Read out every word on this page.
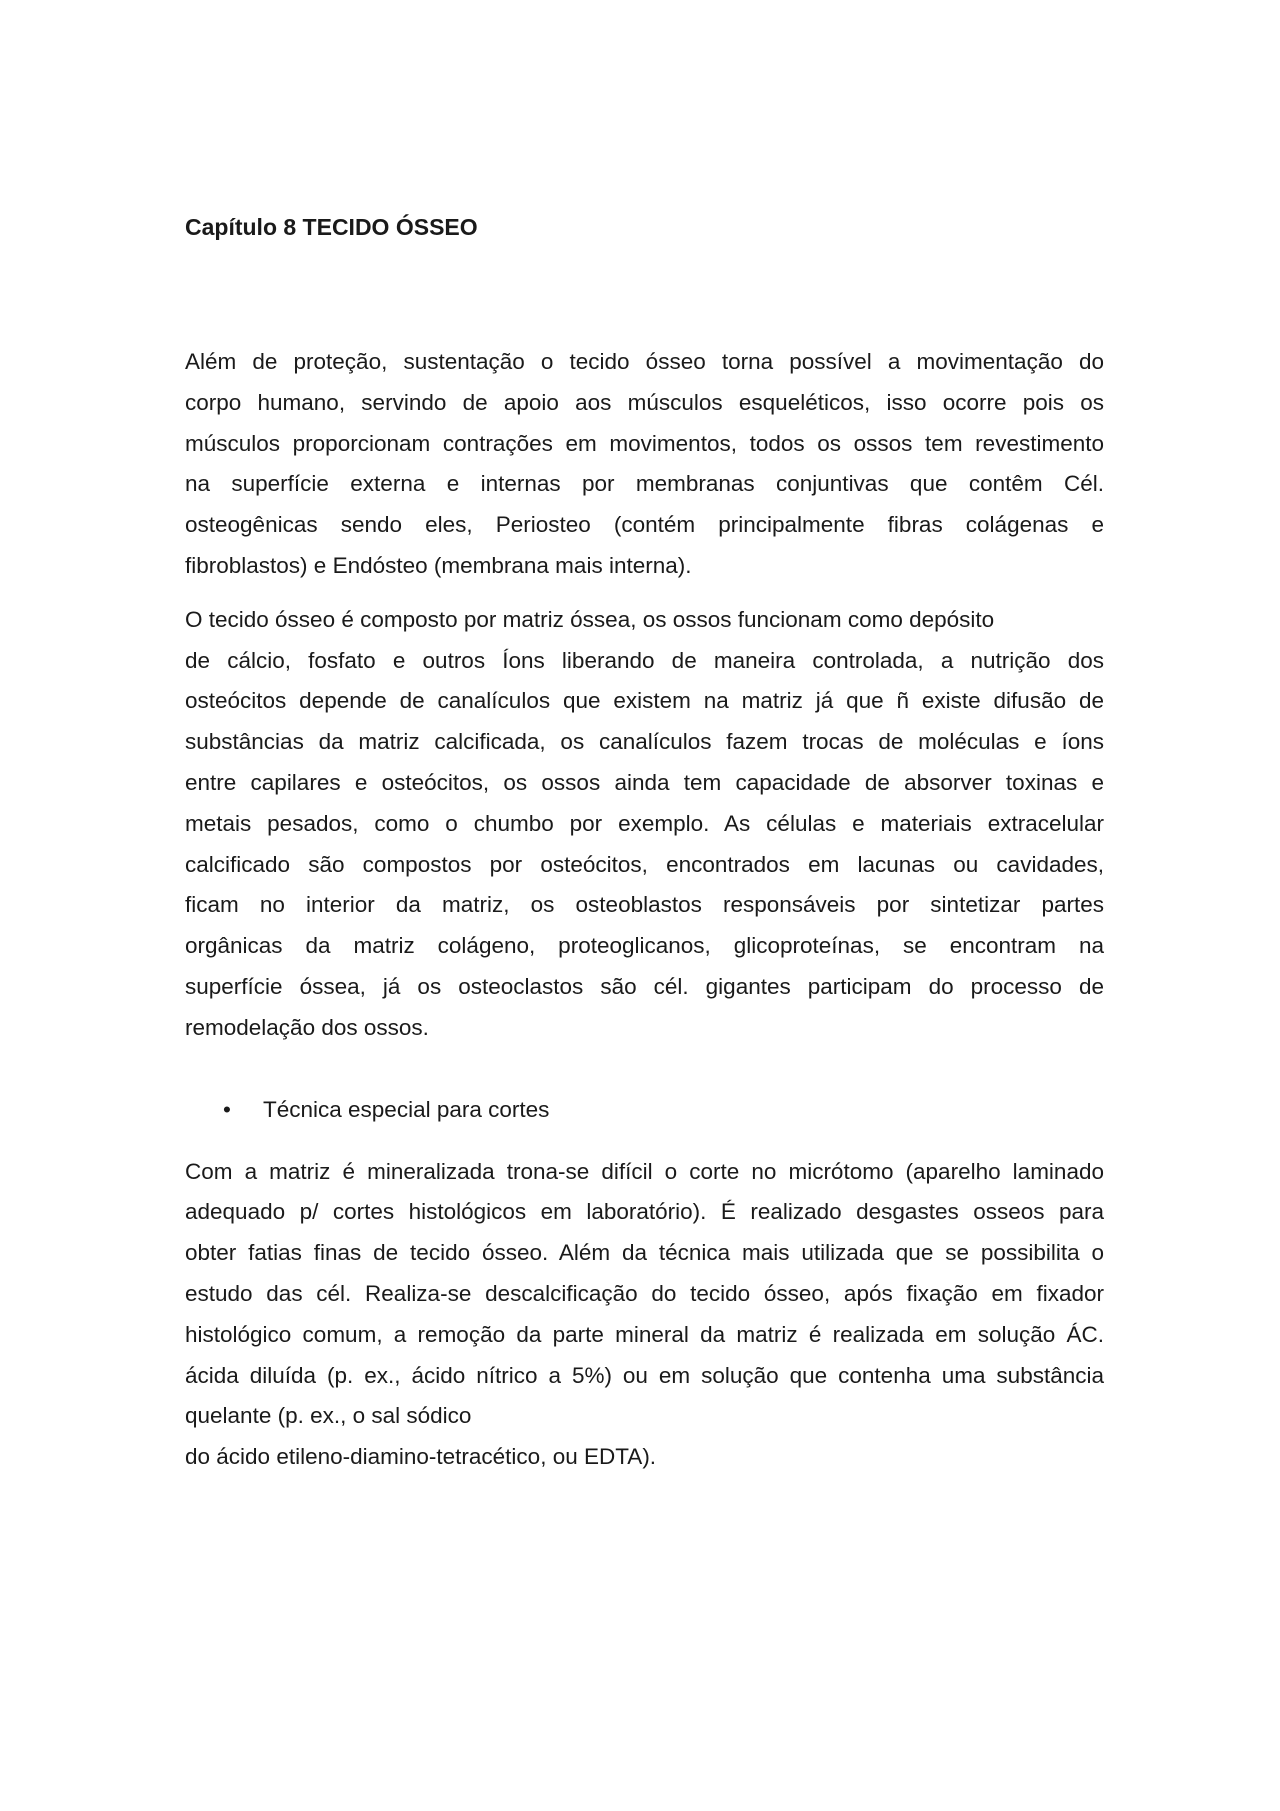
Capítulo 8 TECIDO ÓSSEO

Além de proteção, sustentação o tecido ósseo torna possível a movimentação do
corpo humano, servindo de apoio aos músculos esqueléticos, isso ocorre pois os
músculos proporcionam contrações em movimentos, todos os ossos tem revestimento
na superfície externa e internas por membranas conjuntivas que contêm Cél.
osteogênicas sendo eles, Periosteo (contém principalmente fibras colágenas e
fibroblastos) e Endósteo (membrana mais interna).

O tecido ósseo é composto por matriz óssea, os ossos funcionam como depósito
de cálcio, fosfato e outros Íons liberando de maneira controlada, a nutrição dos
osteócitos depende de canalículos que existem na matriz já que ñ existe difusão de
substâncias da matriz calcificada, os canalículos fazem trocas de moléculas e íons
entre capilares e osteócitos, os ossos ainda tem capacidade de absorver toxinas e
metais pesados, como o chumbo por exemplo. As células e materiais extracelular
calcificado são compostos por osteócitos, encontrados em lacunas ou cavidades,
ficam no interior da matriz, os osteoblastos responsáveis por sintetizar partes
orgânicas da matriz colágeno, proteoglicanos, glicoproteínas, se encontram na
superfície óssea, já os osteoclastos são cél. gigantes participam do processo de
remodelação dos ossos.

• Técnica especial para cortes

Com a matriz é mineralizada trona-se difícil o corte no micrótomo (aparelho laminado
adequado p/ cortes histológicos em laboratório). É realizado desgastes osseos para
obter fatias finas de tecido ósseo. Além da técnica mais utilizada que se possibilita o
estudo das cél. Realiza-se descalcificação do tecido ósseo, após fixação em fixador
histológico comum, a remoção da parte mineral da matriz é realizada em solução ÁC.
ácida diluída (p. ex., ácido nítrico a 5%) ou em solução que contenha uma substância
quelante (p. ex., o sal sódico
do ácido etileno-diamino-tetracético, ou EDTA).
